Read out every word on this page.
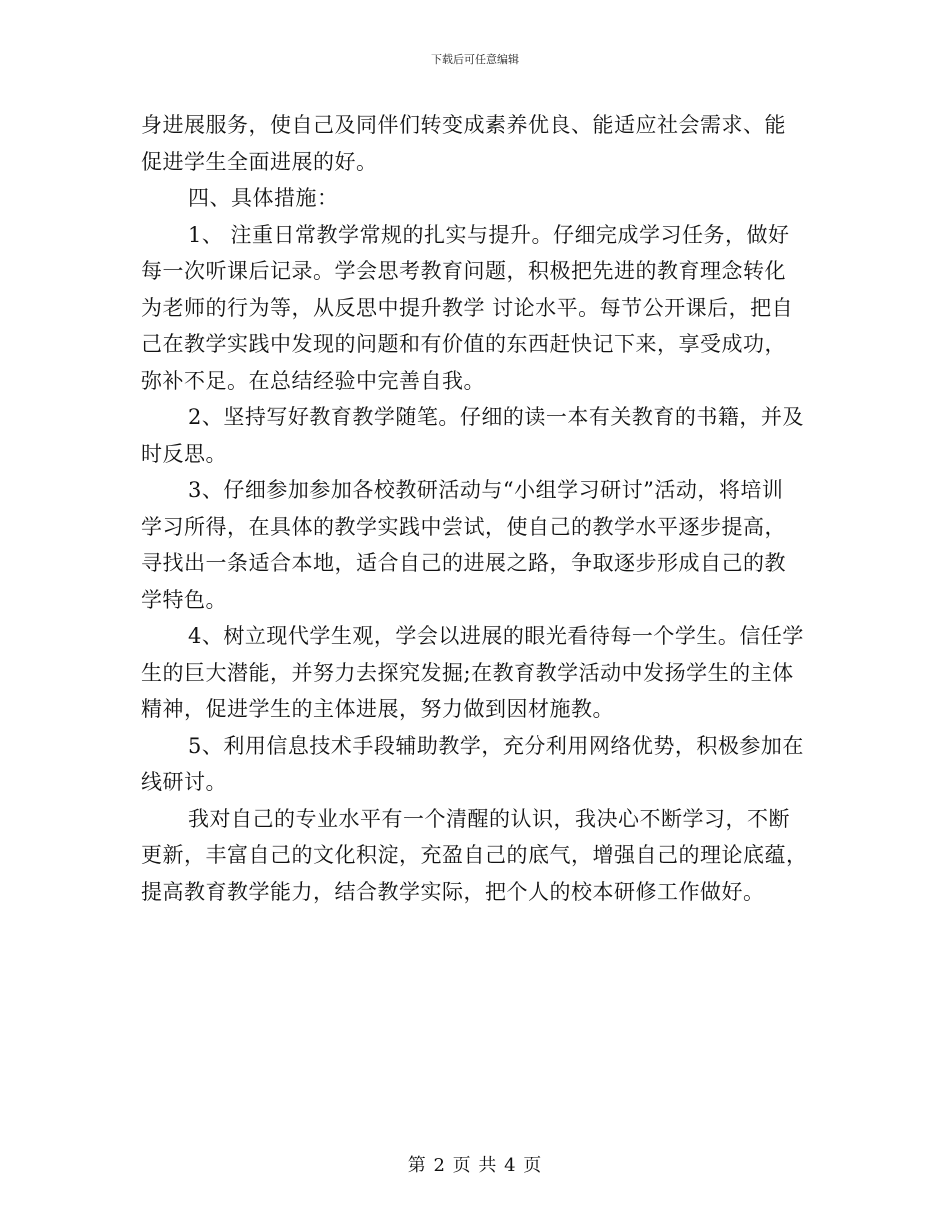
下载后可任意编辑
身进展服务，使自己及同伴们转变成素养优良、能适应社会需求、能
促进学生全面进展的好。
四、具体措施：
1、 注重日常教学常规的扎实与提升。仔细完成学习任务，做好
每一次听课后记录。学会思考教育问题，积极把先进的教育理念转化
为老师的行为等，从反思中提升教学 讨论水平。每节公开课后，把自
己在教学实践中发现的问题和有价值的东西赶快记下来，享受成功，
弥补不足。在总结经验中完善自我。
2、坚持写好教育教学随笔。仔细的读一本有关教育的书籍，并及
时反思。
3、仔细参加参加各校教研活动与“小组学习研讨”活动，将培训
学习所得，在具体的教学实践中尝试，使自己的教学水平逐步提高，
寻找出一条适合本地，适合自己的进展之路，争取逐步形成自己的教
学特色。
4、树立现代学生观，学会以进展的眼光看待每一个学生。信任学
生的巨大潜能，并努力去探究发掘;在教育教学活动中发扬学生的主体
精神，促进学生的主体进展，努力做到因材施教。
5、利用信息技术手段辅助教学，充分利用网络优势，积极参加在
线研讨。
我对自己的专业水平有一个清醒的认识，我决心不断学习，不断
更新，丰富自己的文化积淀，充盈自己的底气，增强自己的理论底蕴，
提高教育教学能力，结合教学实际，把个人的校本研修工作做好。
第 2 页 共 4 页
